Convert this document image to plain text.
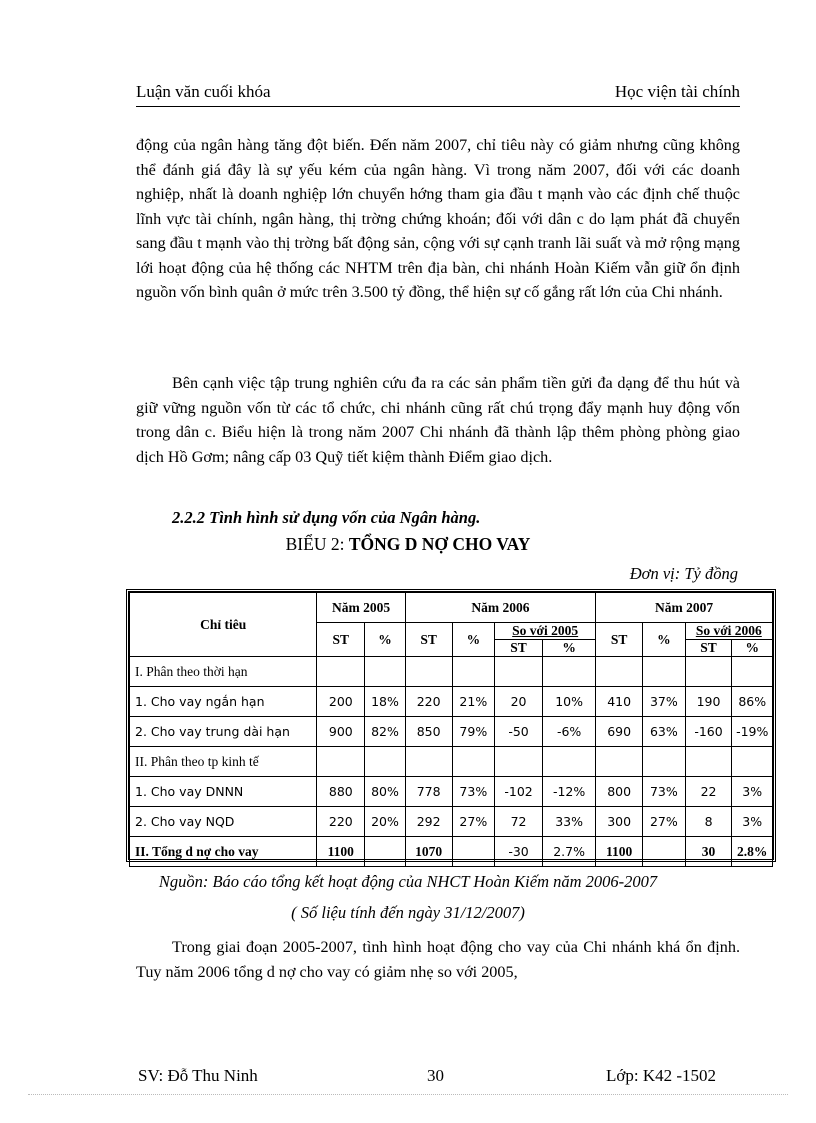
Luận văn cuối khóa	Học viện tài chính

động của ngân hàng tăng đột biến. Đến năm 2007, chỉ tiêu này có giảm nhưng cũng không thể đánh giá đây là sự yếu kém của ngân hàng. Vì trong năm 2007, đối với các doanh nghiệp, nhất là doanh nghiệp lớn chuyển hớng tham gia đầu t mạnh vào các định chế thuộc lĩnh vực tài chính, ngân hàng, thị trờng chứng khoán; đối với dân c do lạm phát đã chuyển sang đầu t mạnh vào thị trờng bất động sản, cộng với sự cạnh tranh lãi suất và mở rộng mạng lới hoạt động của hệ thống các NHTM trên địa bàn, chi nhánh Hoàn Kiếm vẫn giữ ổn định nguồn vốn bình quân ở mức trên 3.500 tỷ đồng, thể hiện sự cố gắng rất lớn của Chi nhánh.

Bên cạnh việc tập trung nghiên cứu đa ra các sản phẩm tiền gửi đa dạng để thu hút và giữ vững nguồn vốn từ các tổ chức, chi nhánh cũng rất chú trọng đẩy mạnh huy động vốn trong dân c. Biểu hiện là trong năm 2007 Chi nhánh đã thành lập thêm phòng phòng giao dịch Hồ Gơm; nâng cấp 03 Quỹ tiết kiệm thành Điểm giao dịch.

2.2.2 Tình hình sử dụng vốn của Ngân hàng.
BIỂU 2: TỔNG D NỢ CHO VAY
Đơn vị: Tỷ đồng
Chỉ tiêu	Năm 2005		Năm 2006				Năm 2007			
	ST	%	ST	%	So với 2005		ST	%	So với 2006	
					ST	%			ST	%
I. Phân theo thời hạn										
1. Cho vay ngắn hạn	200	18%	220	21%	20	10%	410	37%	190	86%
2. Cho vay trung dài hạn	900	82%	850	79%	-50	-6%	690	63%	-160	-19%
II. Phân theo tp kinh tế										
1. Cho vay DNNN	880	80%	778	73%	-102	-12%	800	73%	22	3%
2. Cho vay NQD	220	20%	292	27%	72	33%	300	27%	8	3%
II. Tổng d nợ cho vay	1100		1070		-30	2.7%	1100		30	2.8%
Nguồn: Báo cáo tổng kết hoạt động của NHCT Hoàn Kiếm năm 2006-2007
( Số liệu tính đến ngày 31/12/2007)

Trong giai đoạn 2005-2007, tình hình hoạt động cho vay của Chi nhánh khá ổn định. Tuy năm 2006 tổng d nợ cho vay có giảm nhẹ so với 2005,

SV: Đỗ Thu Ninh	30	Lớp: K42 -1502
